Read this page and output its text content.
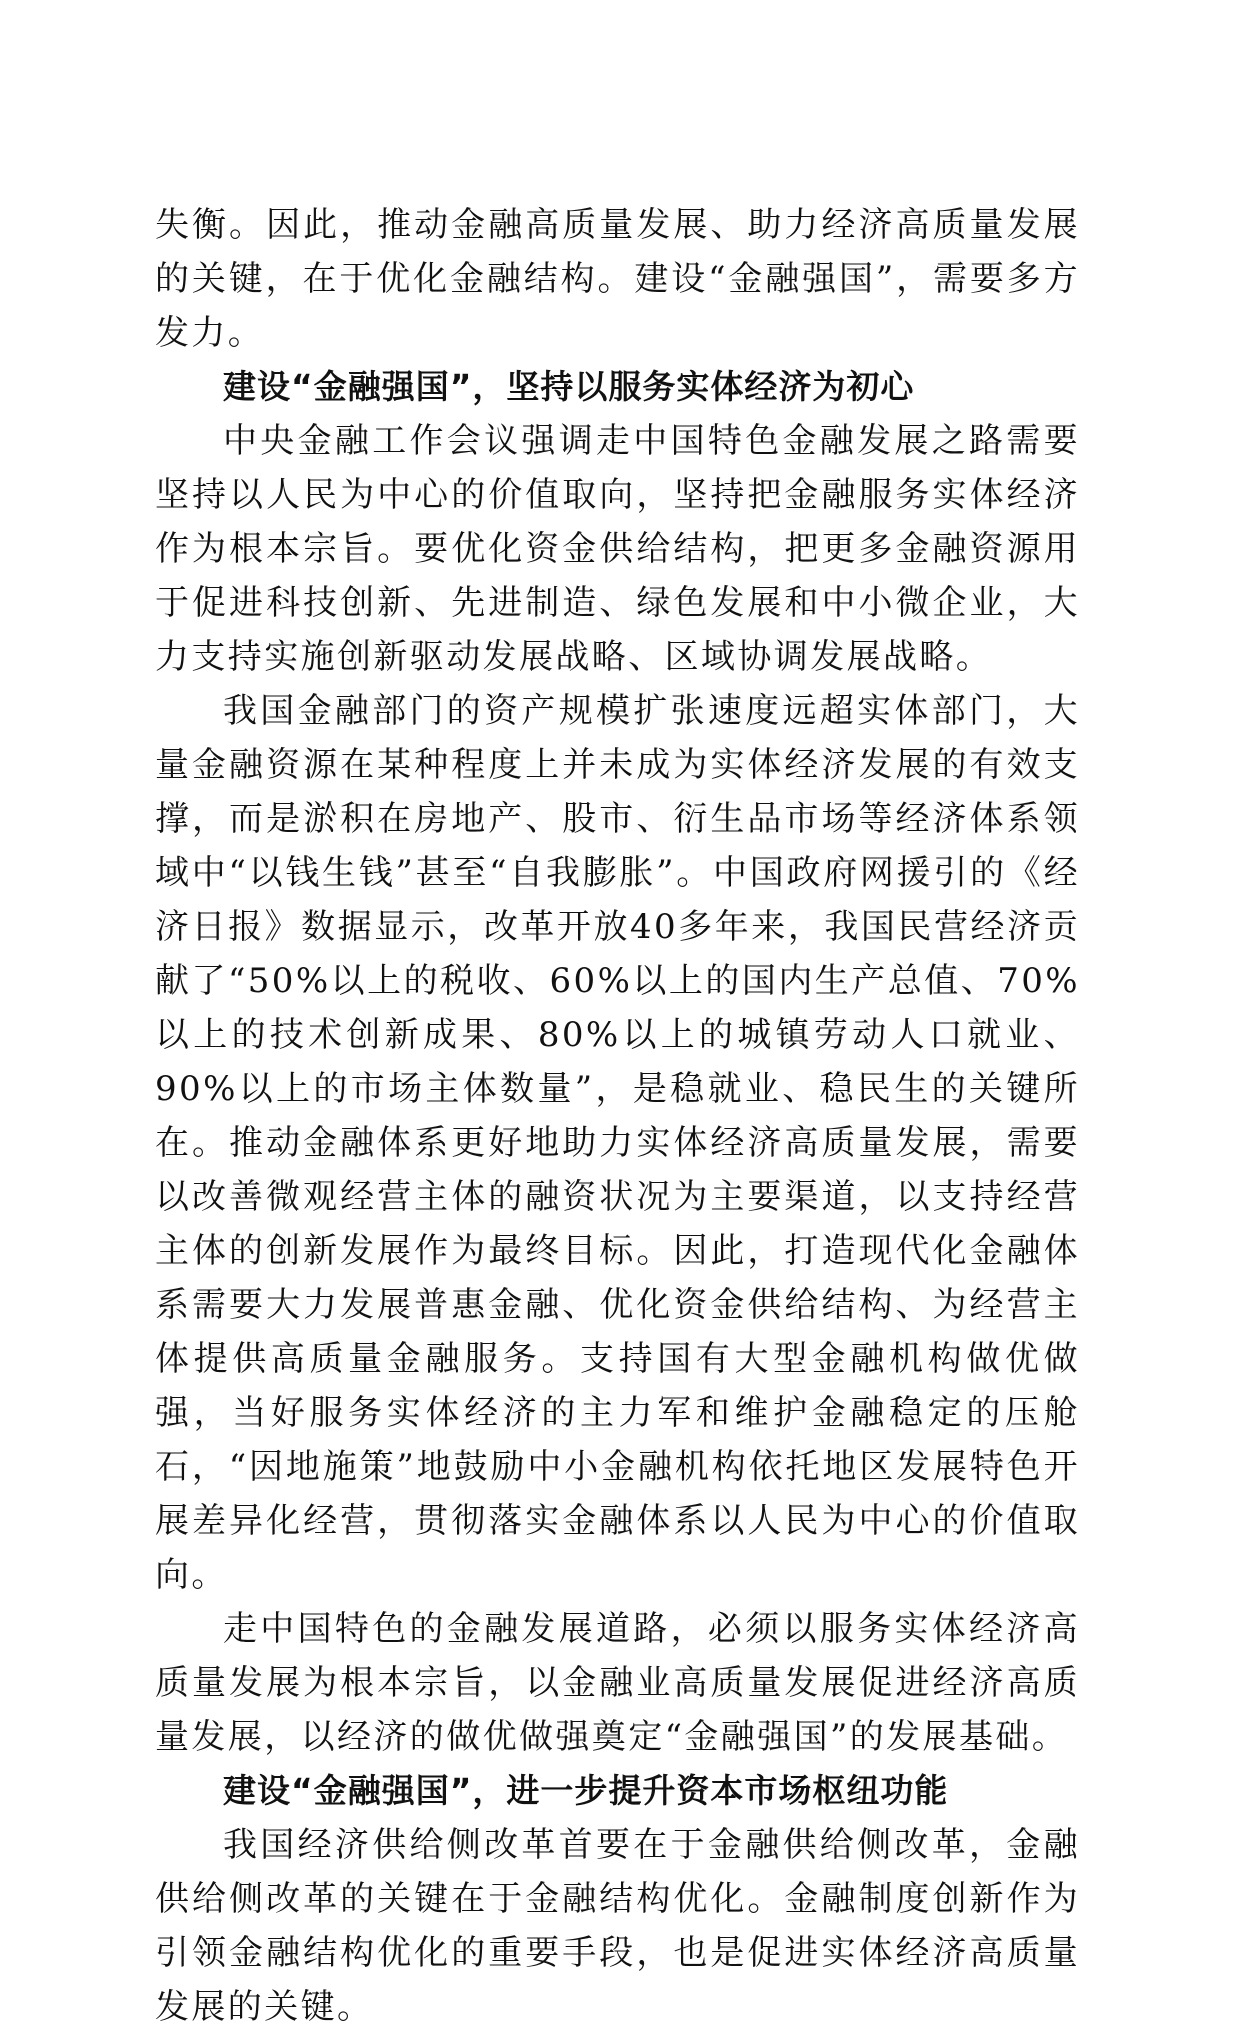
失衡。因此，推动金融高质量发展、助力经济高质量发展的关键，在于优化金融结构。建设“金融强国”，需要多方发力。

建设“金融强国”，坚持以服务实体经济为初心

中央金融工作会议强调走中国特色金融发展之路需要坚持以人民为中心的价值取向，坚持把金融服务实体经济作为根本宗旨。要优化资金供给结构，把更多金融资源用于促进科技创新、先进制造、绿色发展和中小微企业，大力支持实施创新驱动发展战略、区域协调发展战略。

我国金融部门的资产规模扩张速度远超实体部门，大量金融资源在某种程度上并未成为实体经济发展的有效支撑，而是淤积在房地产、股市、衍生品市场等经济体系领域中“以钱生钱”甚至“自我膨胀”。中国政府网援引的《经济日报》数据显示，改革开放40多年来，我国民营经济贡献了“50%以上的税收、60%以上的国内生产总值、70%以上的技术创新成果、80%以上的城镇劳动人口就业、90%以上的市场主体数量”，是稳就业、稳民生的关键所在。推动金融体系更好地助力实体经济高质量发展，需要以改善微观经营主体的融资状况为主要渠道，以支持经营主体的创新发展作为最终目标。因此，打造现代化金融体系需要大力发展普惠金融、优化资金供给结构、为经营主体提供高质量金融服务。支持国有大型金融机构做优做强，当好服务实体经济的主力军和维护金融稳定的压舱石，“因地施策”地鼓励中小金融机构依托地区发展特色开展差异化经营，贯彻落实金融体系以人民为中心的价值取向。

走中国特色的金融发展道路，必须以服务实体经济高质量发展为根本宗旨，以金融业高质量发展促进经济高质量发展，以经济的做优做强奠定“金融强国”的发展基础。

建设“金融强国”，进一步提升资本市场枢纽功能

我国经济供给侧改革首要在于金融供给侧改革，金融供给侧改革的关键在于金融结构优化。金融制度创新作为引领金融结构优化的重要手段，也是促进实体经济高质量发展的关键。
